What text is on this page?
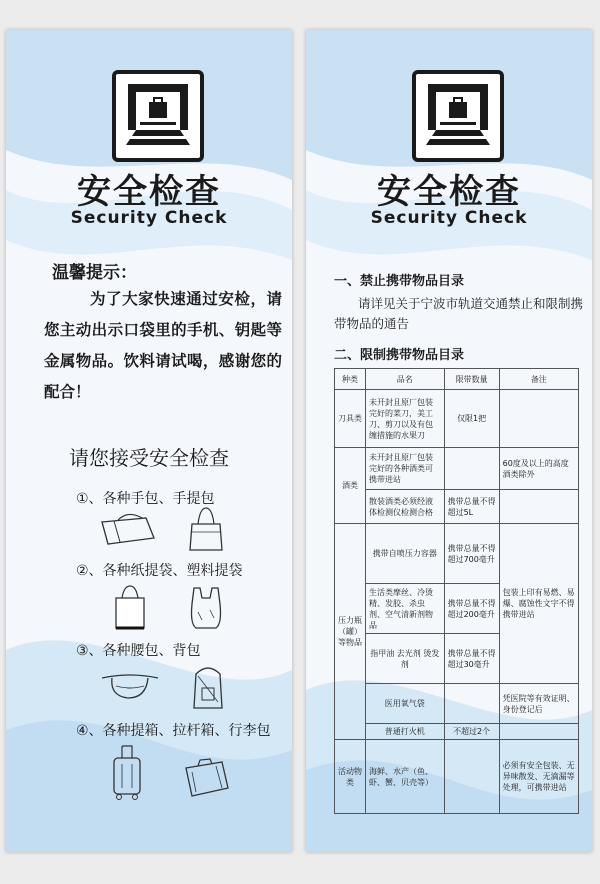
安全检查
Security Check
温馨提示：
为了大家快速通过安检，请您主动出示口袋里的手机、钥匙等金属物品。饮料请试喝，感谢您的配合！
请您接受安全检查
①、各种手包、手提包
②、各种纸提袋、塑料提袋
③、各种腰包、背包
④、各种提箱、拉杆箱、行李包
安全检查
Security Check
一、禁止携带物品目录
请详见关于宁波市轨道交通禁止和限制携带物品的通告
二、限制携带物品目录
种类	品名	限带数量	备注
刀具类	未开封且原厂包装完好的菜刀，美工刀、剪刀以及有包缠措施的水果刀	仅限1把	
酒类	未开封且原厂包装完好的各种酒类可携带进站		60度及以上的高度酒类除外
	散装酒类必须经液体检测仪检测合格	携带总量不得超过5L	
压力瓶（罐）等物品	携带自喷压力容器	携带总量不得超过700毫升	包装上印有易燃、易爆、腐蚀性文字不得携带进站
	生活类摩丝、冷烫精、发胶、杀虫剂、空气清新剂物品	携带总量不得超过200毫升	
	指甲油 去光剂 烫发剂	携带总量不得超过30毫升	
	医用氧气袋		凭医院等有效证明、身份登记后
	普通打火机	不超过2个	
活动物类	海鲜、水产（鱼、虾、蟹、贝壳等）		必须有安全包装、无异味散发、无滴漏等处理，可携带进站
